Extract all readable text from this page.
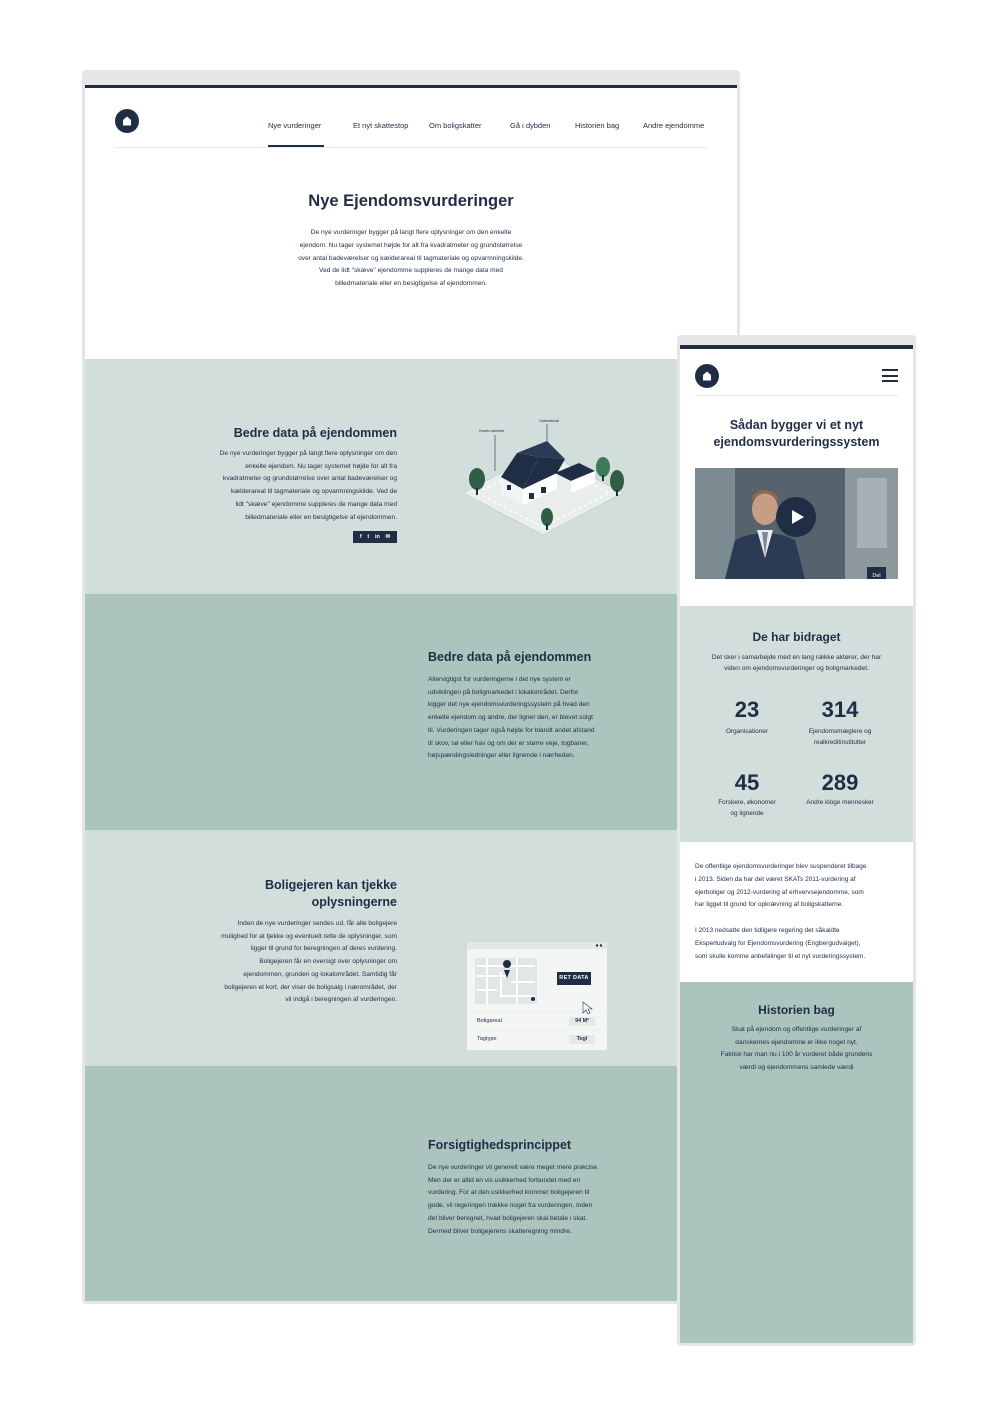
Nye vurderinger	Et nyt skattestop	Om boligskatter	Gå i dybden	Historien bag	Andre ejendomme
Nye Ejendomsvurderinger
De nye vurderinger bygger på langt flere oplysninger om den enkelte
ejendom. Nu tager systemet højde for alt fra kvadratmeter og grundstørrelse
over antal badeværelser og kælderareal til tagmateriale og opvarmningskilde.
Ved de lidt "skæve" ejendomme suppleres de mange data med
billedmateriale eller en besigtigelse af ejendommen.
Bedre data på ejendommen
De nye vurderinger bygger på langt flere oplysninger om den
enkelte ejendom. Nu tager systemet højde for alt fra
kvadratmeter og grundstørrelse over antal badeværelser og
kælderareal til tagmateriale og opvarmningskilde. Ved de
lidt "skæve" ejendomme suppleres de mange data med
billedmateriale eller en besigtigelse af ejendommen.
f t in ✉
Husets størrelse
Opførelsesår
Bedre data på ejendommen
Allervigtigst for vurderingerne i det nye system er
udviklingen på boligmarkedet i lokalområdet. Derfor
kigger det nye ejendomsvurderingssystem på hvad den
enkelte ejendom og andre, der ligner den, er blevet solgt
til. Vurderingen tager også højde for blandt andet afstand
til skov, sø eller hav og om der er større veje, togbaner,
højspændingsledninger eller lignende i nærheden.
Boligejeren kan tjekke
oplysningerne
Inden de nye vurderinger sendes ud, får alle boligejere
mulighed for at tjekke og eventuelt rette de oplysninger, som
ligger til grund for beregningen af deres vurdering.
Boligejeren får en oversigt over oplysninger om
ejendommen, grunden og lokalområdet. Samtidig får
boligejeren et kort, der viser de boligsalg i nærområdet, der
vil indgå i beregningen af vurderingen.
RET DATA
Boligareal	94 M²
Tagtype	Tegl
Forsigtighedsprincippet
De nye vurderinger vil generelt være meget mere præcise.
Men der er altid en vis usikkerhed forbundet med en
vurdering. For at den usikkerhed kommer boligejeren til
gode, vil regeringen trække noget fra vurderingen, inden
det bliver beregnet, hvad boligejeren skal betale i skat.
Dermed bliver boligejerens skatteregning mindre.
Sådan bygger vi et nyt
ejendomsvurderingssystem
Del
De har bidraget
Det sker i samarbejde med en lang række aktører, der har
viden om ejendomsvurderinger og boligmarkedet.
23
Organisationer
314
Ejendomsmæglere og
realkreditinstitutter
45
Forskere, økonomer
og lignende
289
Andre kloge mennesker
De offentlige ejendomsvurderinger blev suspenderet tilbage
i 2013. Siden da har det været SKATs 2011-vurdering af
ejerboliger og 2012-vurdering af erhvervsejendomme, som
har ligget til grund for opkrævning af boligskatterne.
I 2013 nedsatte den tidligere regering det såkaldte
Ekspertudvalg for Ejendomsvurdering (Engbergudvalget),
som skulle komme anbefalinger til et nyt vurderingssystem.
Historien bag
Skat på ejendom og offentlige vurderinger af
danskernes ejendomme er ikke noget nyt.
Faktisk har man nu i 100 år vurderet både grundens
værdi og ejendommens samlede værdi
